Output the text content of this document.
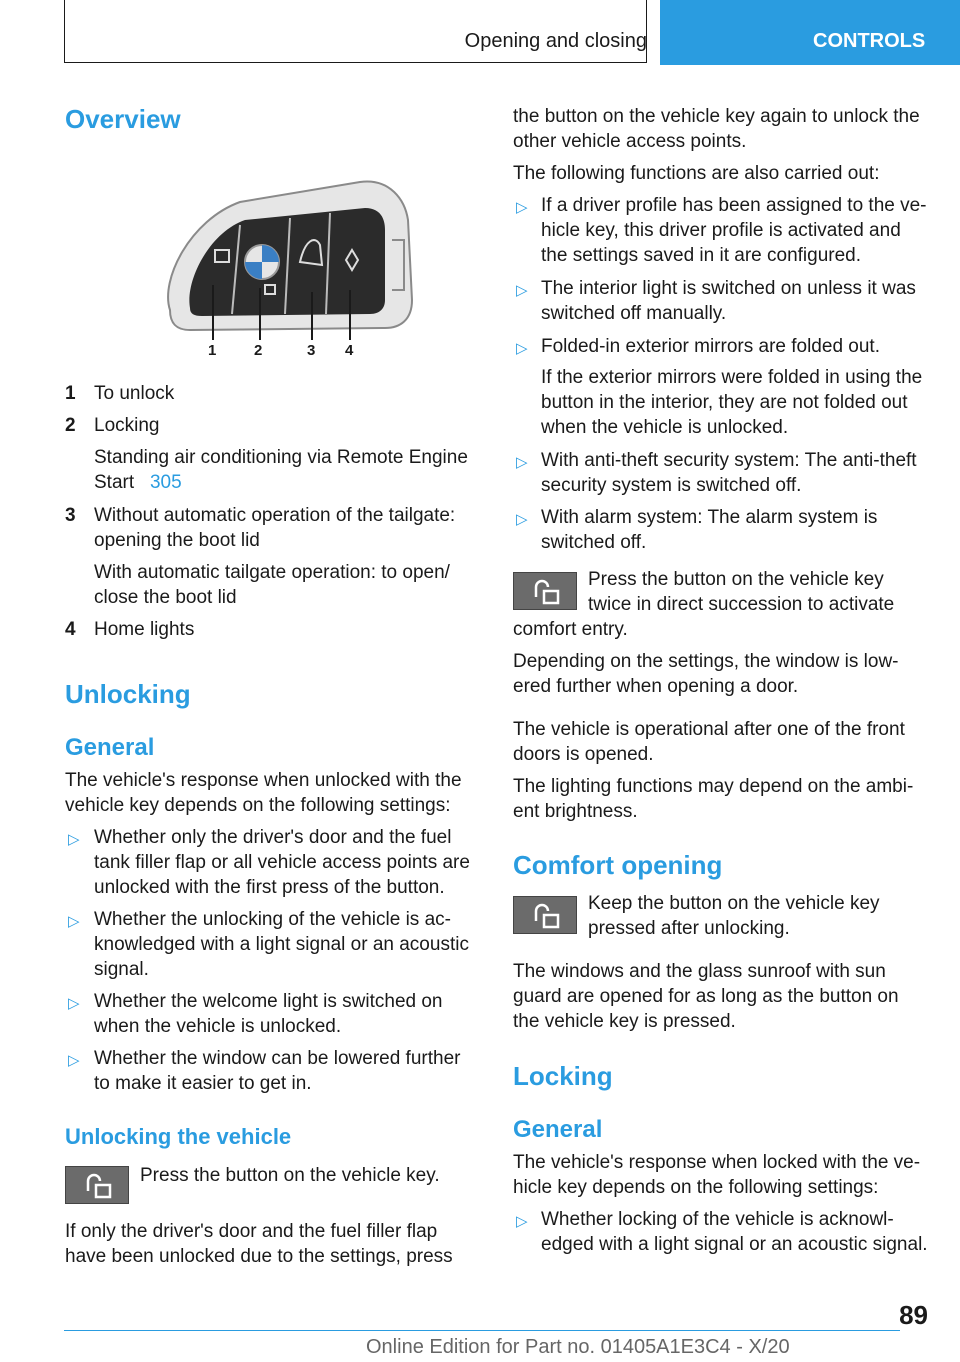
Opening and closing	CONTROLS
Overview
1	2	3 4
1 To unlock
2 Locking
Standing air conditioning via Remote Engine
Start 305
3 Without automatic operation of the tailgate:
opening the boot lid
With automatic tailgate operation: to open/
close the boot lid
4 Home lights
Unlocking
General
The vehicle's response when unlocked with the
vehicle key depends on the following settings:
▷ Whether only the driver's door and the fuel
tank filler flap or all vehicle access points are
unlocked with the first press of the button.
▷ Whether the unlocking of the vehicle is ac‐
knowledged with a light signal or an acoustic
signal.
▷ Whether the welcome light is switched on
when the vehicle is unlocked.
▷ Whether the window can be lowered further
to make it easier to get in.
Unlocking the vehicle
Press the button on the vehicle key.
If only the driver's door and the fuel filler flap
have been unlocked due to the settings, press
the button on the vehicle key again to unlock the
other vehicle access points.
The following functions are also carried out:
▷ If a driver profile has been assigned to the ve‐
hicle key, this driver profile is activated and
the settings saved in it are configured.
▷ The interior light is switched on unless it was
switched off manually.
▷ Folded-in exterior mirrors are folded out.
If the exterior mirrors were folded in using the
button in the interior, they are not folded out
when the vehicle is unlocked.
▷ With anti-theft security system: The anti-theft
security system is switched off.
▷ With alarm system: The alarm system is
switched off.
Press the button on the vehicle key
twice in direct succession to activate
comfort entry.
Depending on the settings, the window is low‐
ered further when opening a door.
The vehicle is operational after one of the front
doors is opened.
The lighting functions may depend on the ambi‐
ent brightness.
Comfort opening
Keep the button on the vehicle key
pressed after unlocking.
The windows and the glass sunroof with sun
guard are opened for as long as the button on
the vehicle key is pressed.
Locking
General
The vehicle's response when locked with the ve‐
hicle key depends on the following settings:
▷ Whether locking of the vehicle is acknowl‐
edged with a light signal or an acoustic signal.
89
Online Edition for Part no. 01405A1E3C4 - X/20
